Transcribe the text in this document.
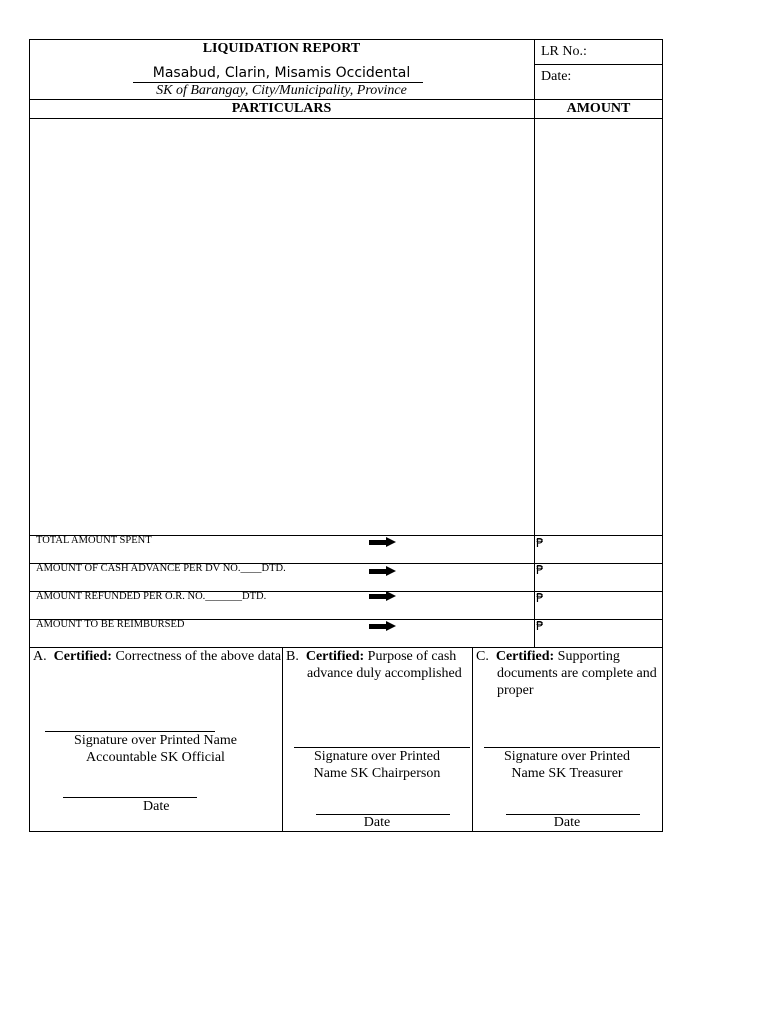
LIQUIDATION REPORT
Masabud, Clarin, Misamis Occidental
SK of Barangay, City/Municipality, Province
LR No.:
Date:
PARTICULARS	AMOUNT
TOTAL AMOUNT SPENT	₱
AMOUNT OF CASH ADVANCE PER DV NO.____DTD.	₱
AMOUNT REFUNDED PER O.R. NO._______DTD.	₱
AMOUNT TO BE REIMBURSED	₱
A. Certified: Correctness of the above data
Signature over Printed Name
Accountable SK Official
Date
B. Certified: Purpose of cash
advance duly accomplished
Signature over Printed
Name SK Chairperson
Date
C. Certified: Supporting
documents are complete and
proper
Signature over Printed
Name SK Treasurer
Date
